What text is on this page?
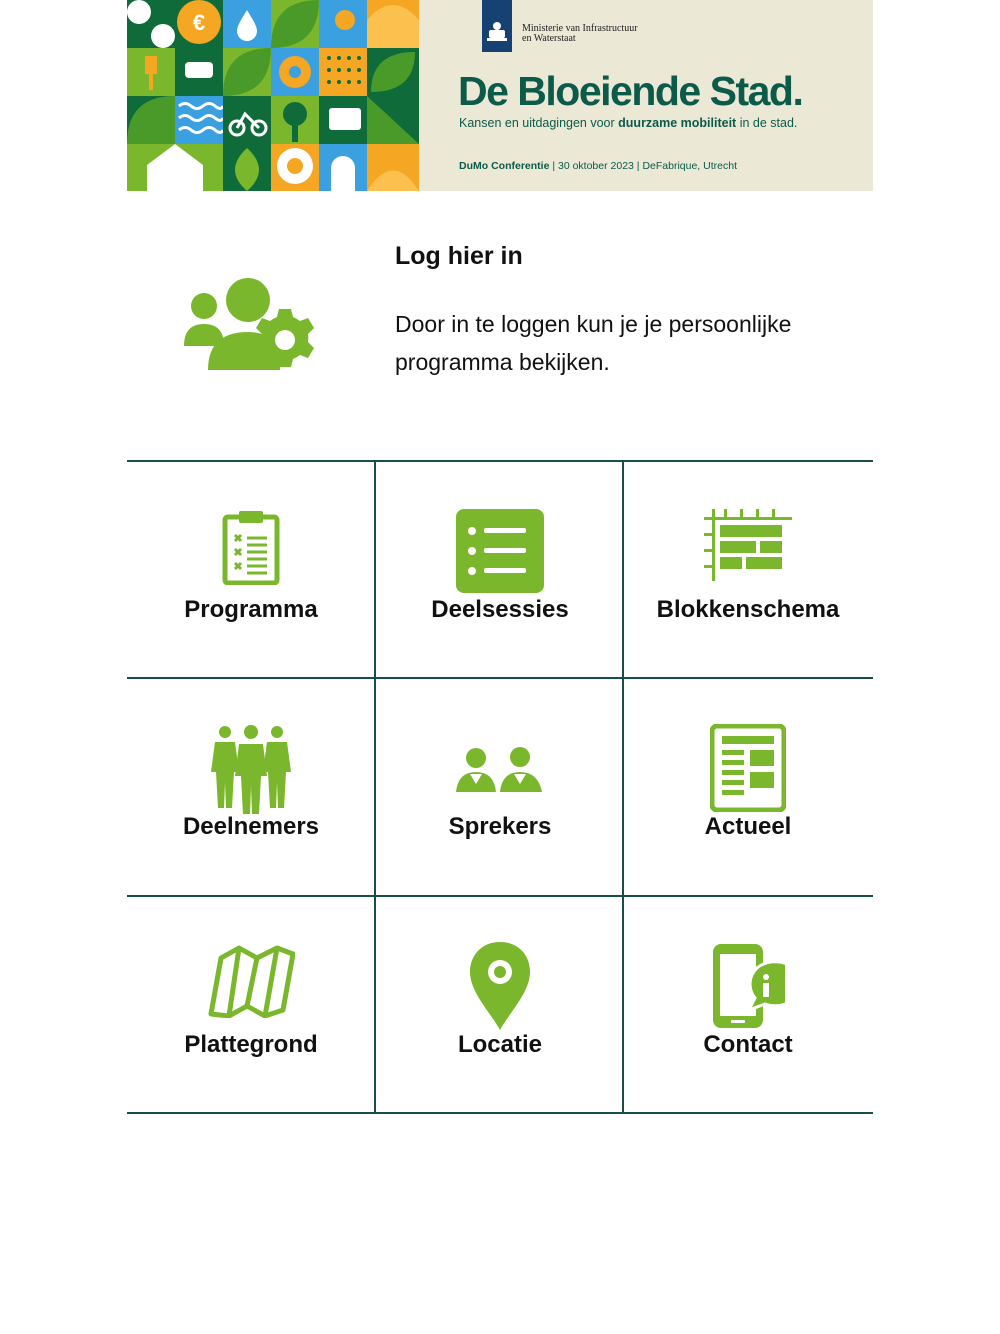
€	Ministerie van Infrastructuur
en Waterstaat
De Bloeiende Stad.
Kansen en uitdagingen voor duurzame mobiliteit in de stad.
DuMo Conferentie | 30 oktober 2023 | DeFabrique, Utrecht
Log hier in
Door in te loggen kun je je persoonlijke programma bekijken.
Programma	Deelsessies	Blokkenschema
Deelnemers	Sprekers	Actueel
Plattegrond	Locatie	Contact
